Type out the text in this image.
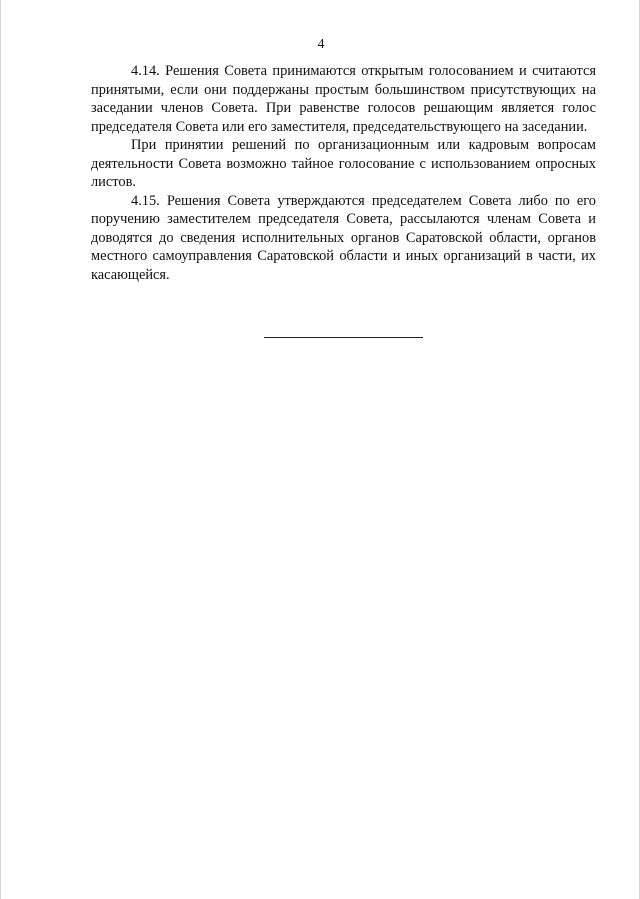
4

4.14. Решения Совета принимаются открытым голосованием и считаются принятыми, если они поддержаны простым большинством присутствующих на заседании членов Совета. При равенстве голосов решающим является голос председателя Совета или его заместителя, председательствующего на заседании.

При принятии решений по организационным или кадровым вопросам деятельности Совета возможно тайное голосование с использованием опросных листов.

4.15. Решения Совета утверждаются председателем Совета либо по его поручению заместителем председателя Совета, рассылаются членам Совета и доводятся до сведения исполнительных органов Саратовской области, органов местного самоуправления Саратовской области и иных организаций в части, их касающейся.
